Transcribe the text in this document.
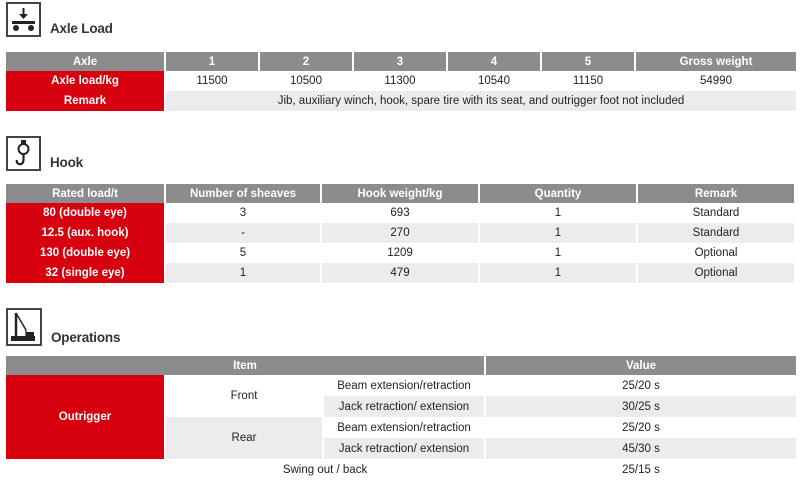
Axle Load
Axle	1	2	3	4	5	Gross weight
Axle load/kg	11500	10500	11300	10540	11150	54990
Remark	Jib, auxiliary winch, hook, spare tire with its seat, and outrigger foot not included					
Hook
Rated load/t	Number of sheaves	Hook weight/kg	Quantity	Remark
80 (double eye)	3	693	1	Standard
12.5 (aux. hook)	-	270	1	Standard
130 (double eye)	5	1209	1	Optional
32 (single eye)	1	479	1	Optional
Operations
Item			Value
Outrigger	Front	Beam extension/retraction	25/20 s
		Jack retraction/ extension	30/25 s
	Rear	Beam extension/retraction	25/20 s
		Jack retraction/ extension	45/30 s
Swing out / back			25/15 s
